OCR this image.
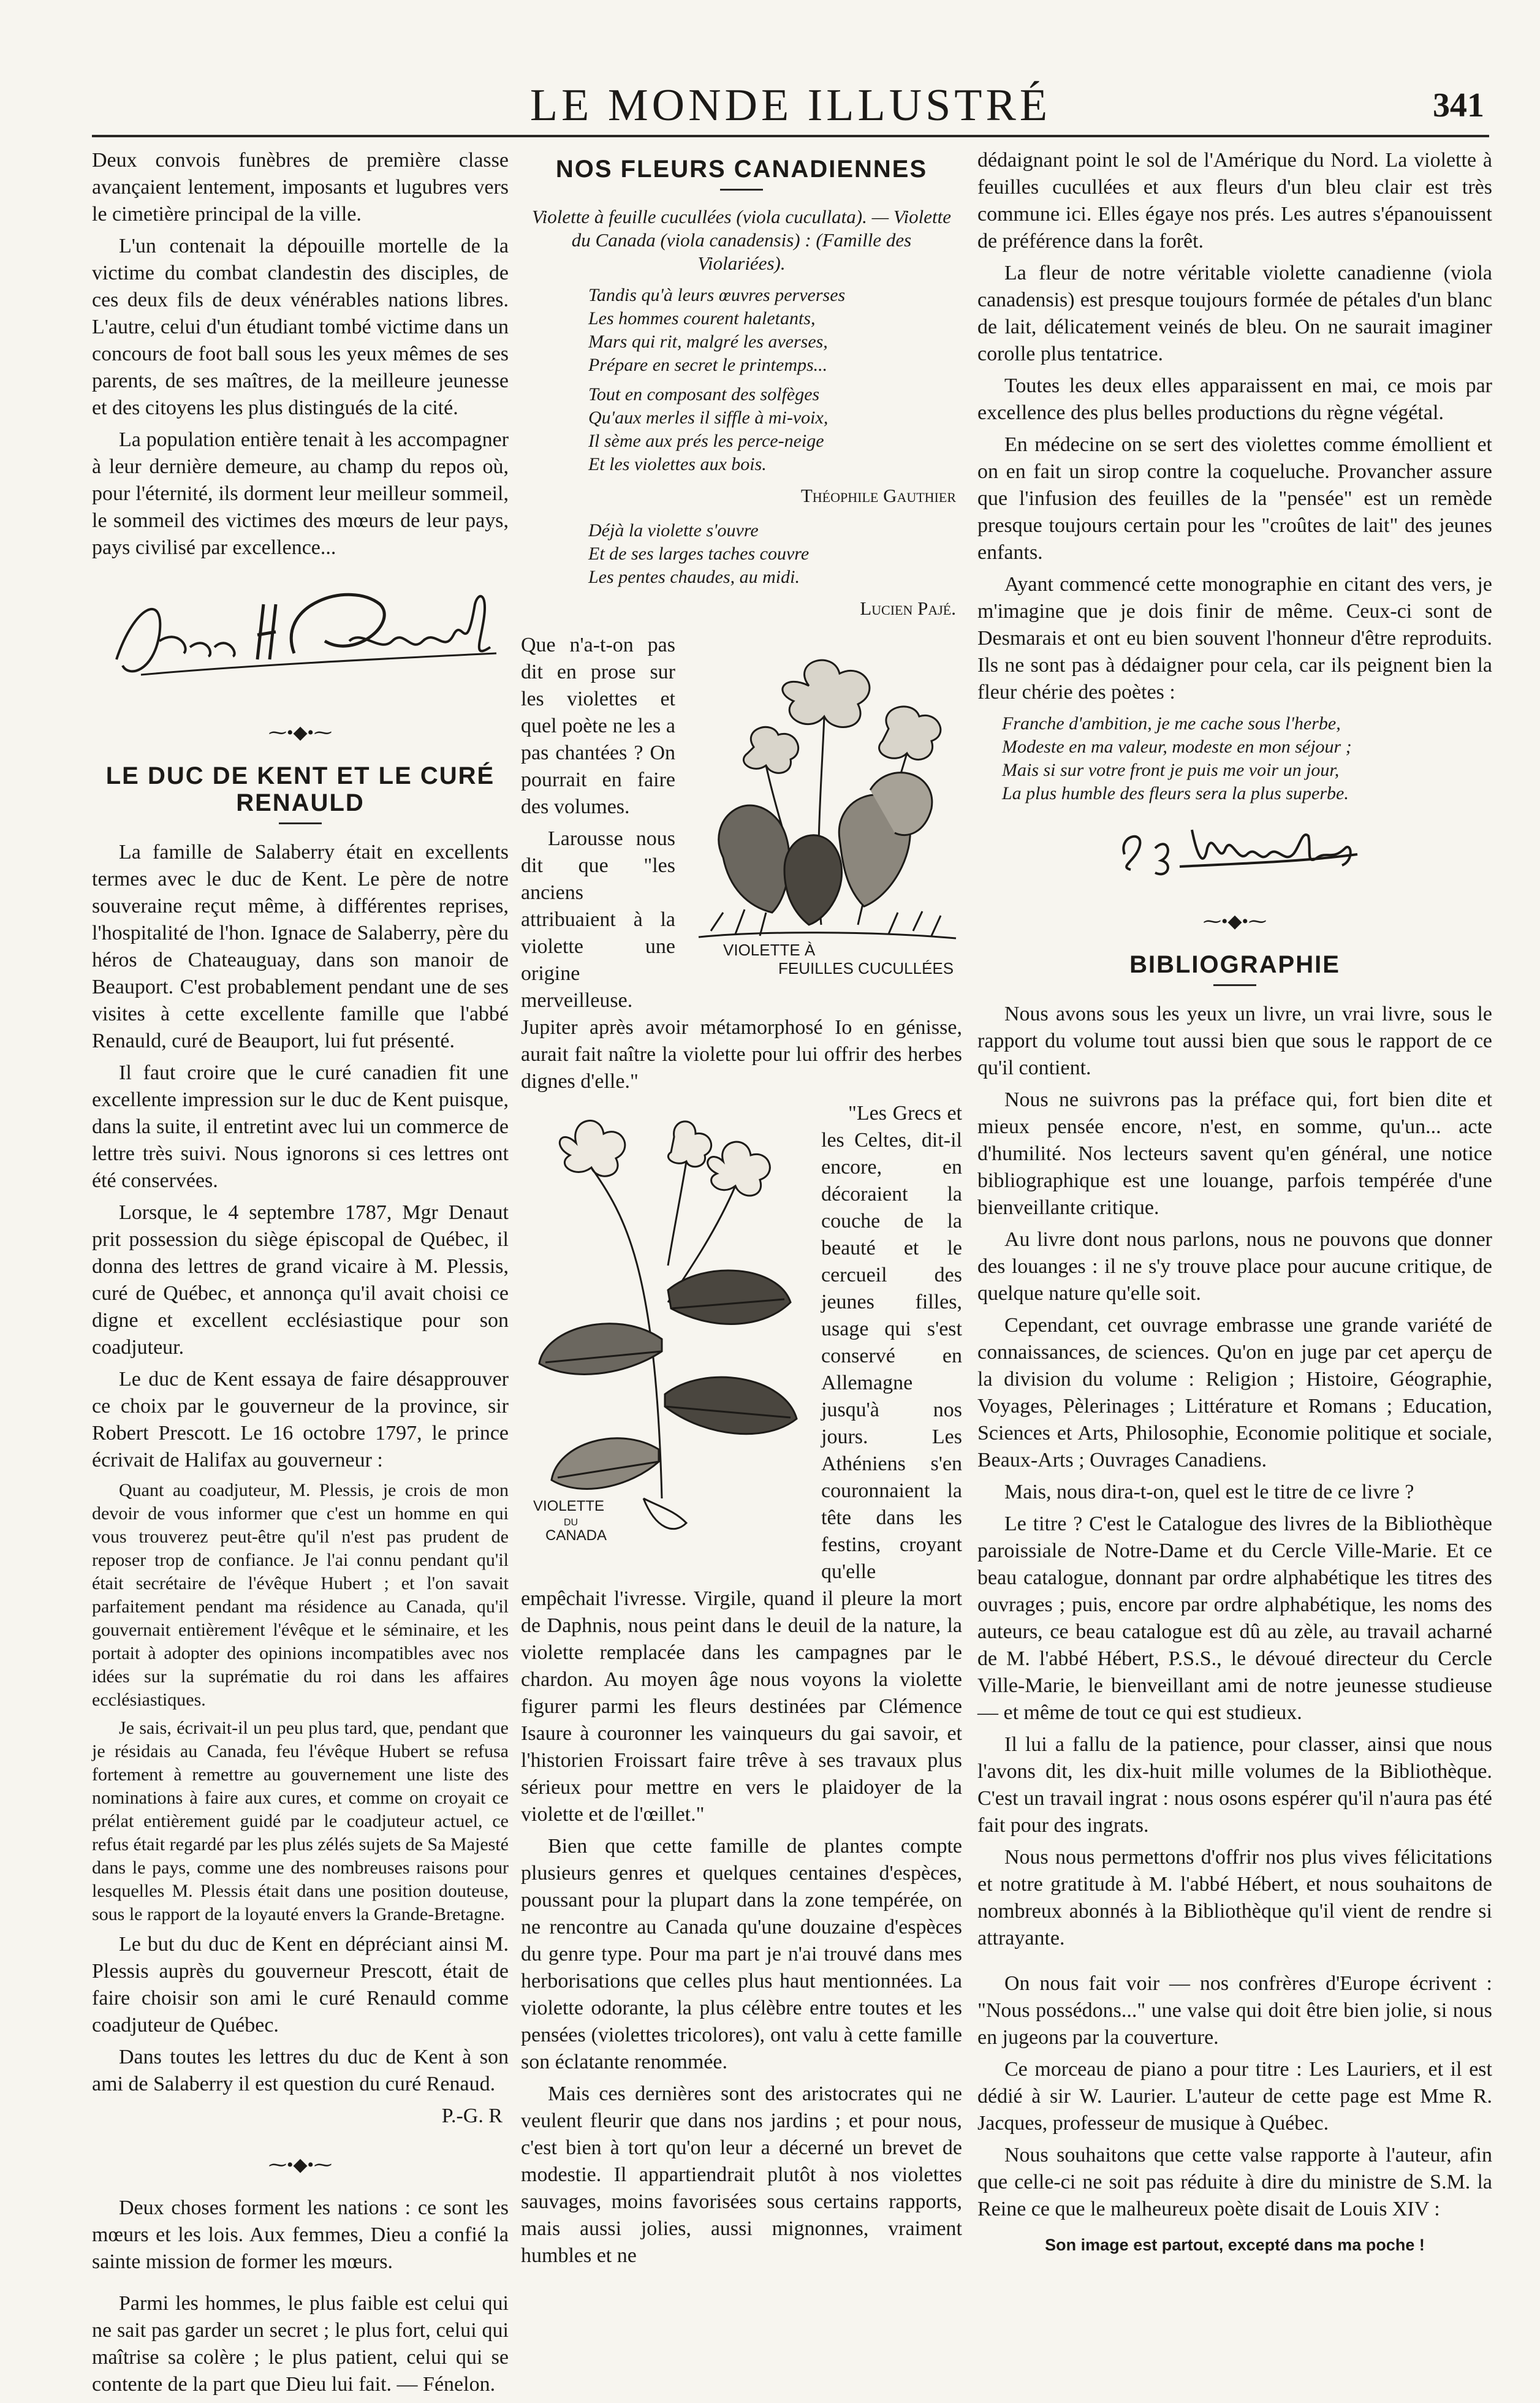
LE MONDE ILLUSTRÉ	341

Deux convois funèbres de première classe avançaient lentement, imposants et lugubres vers le cimetière principal de la ville.

L'un contenait la dépouille mortelle de la victime du combat clandestin des disciples, de ces deux fils de deux vénérables nations libres. L'autre, celui d'un étudiant tombé victime dans un concours de foot ball sous les yeux mêmes de ses parents, de ses maîtres, de la meilleure jeunesse et des citoyens les plus distingués de la cité.

La population entière tenait à les accompagner à leur dernière demeure, au champ du repos où, pour l'éternité, ils dorment leur meilleur sommeil, le sommeil des victimes des mœurs de leur pays, pays civilisé par excellence...

⁓•◆•⁓
LE DUC DE KENT ET LE CURÉ RENAULD

La famille de Salaberry était en excellents termes avec le duc de Kent. Le père de notre souveraine reçut même, à différentes reprises, l'hospitalité de l'hon. Ignace de Salaberry, père du héros de Chateauguay, dans son manoir de Beauport. C'est probablement pendant une de ses visites à cette excellente famille que l'abbé Renauld, curé de Beauport, lui fut présenté.

Il faut croire que le curé canadien fit une excellente impression sur le duc de Kent puisque, dans la suite, il entretint avec lui un commerce de lettre très suivi. Nous ignorons si ces lettres ont été conservées.

Lorsque, le 4 septembre 1787, Mgr Denaut prit possession du siège épiscopal de Québec, il donna des lettres de grand vicaire à M. Plessis, curé de Québec, et annonça qu'il avait choisi ce digne et excellent ecclésiastique pour son coadjuteur.

Le duc de Kent essaya de faire désapprouver ce choix par le gouverneur de la province, sir Robert Prescott. Le 16 octobre 1797, le prince écrivait de Halifax au gouverneur :

Quant au coadjuteur, M. Plessis, je crois de mon devoir de vous informer que c'est un homme en qui vous trouverez peut-être qu'il n'est pas prudent de reposer trop de confiance. Je l'ai connu pendant qu'il était secrétaire de l'évêque Hubert ; et l'on savait parfaitement pendant ma résidence au Canada, qu'il gouvernait entièrement l'évêque et le séminaire, et les portait à adopter des opinions incompatibles avec nos idées sur la suprématie du roi dans les affaires ecclésiastiques.

Je sais, écrivait-il un peu plus tard, que, pendant que je résidais au Canada, feu l'évêque Hubert se refusa fortement à remettre au gouvernement une liste des nominations à faire aux cures, et comme on croyait ce prélat entièrement guidé par le coadjuteur actuel, ce refus était regardé par les plus zélés sujets de Sa Majesté dans le pays, comme une des nombreuses raisons pour lesquelles M. Plessis était dans une position douteuse, sous le rapport de la loyauté envers la Grande-Bretagne.

Le but du duc de Kent en dépréciant ainsi M. Plessis auprès du gouverneur Prescott, était de faire choisir son ami le curé Renauld comme coadjuteur de Québec.

Dans toutes les lettres du duc de Kent à son ami de Salaberry il est question du curé Renaud.

P.-G. R

⁓•◆•⁓

Deux choses forment les nations : ce sont les mœurs et les lois. Aux femmes, Dieu a confié la sainte mission de former les mœurs.

Parmi les hommes, le plus faible est celui qui ne sait pas garder un secret ; le plus fort, celui qui maîtrise sa colère ; le plus patient, celui qui se contente de la part que Dieu lui fait. — Fénelon.

NOS FLEURS CANADIENNES
Violette à feuille cucullées (viola cucullata). — Violette du Canada (viola canadensis) : (Famille des Violariées).
Tandis qu'à leurs œuvres perverses
Les hommes courent haletants,
Mars qui rit, malgré les averses,
Prépare en secret le printemps...
Tout en composant des solfèges
Qu'aux merles il siffle à mi-voix,
Il sème aux prés les perce-neige
Et les violettes aux bois.
Théophile Gauthier
Déjà la violette s'ouvre
Et de ses larges taches couvre
Les pentes chaudes, au midi.
Lucien Pajé.
VIOLETTE À
FEUILLES CUCULLÉES

Que n'a-t-on pas dit en prose sur les violettes et quel poète ne les a pas chantées ? On pourrait en faire des volumes.

Larousse nous dit que "les anciens attribuaient à la violette une origine merveilleuse. Jupiter après avoir métamorphosé Io en génisse, aurait fait naître la violette pour lui offrir des herbes dignes d'elle."

VIOLETTE
DU
CANADA

"Les Grecs et les Celtes, dit-il encore, en décoraient la couche de la beauté et le cercueil des jeunes filles, usage qui s'est conservé en Allemagne jusqu'à nos jours. Les Athéniens s'en couronnaient la tête dans les festins, croyant qu'elle empêchait l'ivresse. Virgile, quand il pleure la mort de Daphnis, nous peint dans le deuil de la nature, la violette remplacée dans les campagnes par le chardon. Au moyen âge nous voyons la violette figurer parmi les fleurs destinées par Clémence Isaure à couronner les vainqueurs du gai savoir, et l'historien Froissart faire trêve à ses travaux plus sérieux pour mettre en vers le plaidoyer de la violette et de l'œillet."

Bien que cette famille de plantes compte plusieurs genres et quelques centaines d'espèces, poussant pour la plupart dans la zone tempérée, on ne rencontre au Canada qu'une douzaine d'espèces du genre type. Pour ma part je n'ai trouvé dans mes herborisations que celles plus haut mentionnées. La violette odorante, la plus célèbre entre toutes et les pensées (violettes tricolores), ont valu à cette famille son éclatante renommée.

Mais ces dernières sont des aristocrates qui ne veulent fleurir que dans nos jardins ; et pour nous, c'est bien à tort qu'on leur a décerné un brevet de modestie. Il appartiendrait plutôt à nos violettes sauvages, moins favorisées sous certains rapports, mais aussi jolies, aussi mignonnes, vraiment humbles et ne

dédaignant point le sol de l'Amérique du Nord. La violette à feuilles cucullées et aux fleurs d'un bleu clair est très commune ici. Elles égaye nos prés. Les autres s'épanouissent de préférence dans la forêt.

La fleur de notre véritable violette canadienne (viola canadensis) est presque toujours formée de pétales d'un blanc de lait, délicatement veinés de bleu. On ne saurait imaginer corolle plus tentatrice.

Toutes les deux elles apparaissent en mai, ce mois par excellence des plus belles productions du règne végétal.

En médecine on se sert des violettes comme émollient et on en fait un sirop contre la coqueluche. Provancher assure que l'infusion des feuilles de la "pensée" est un remède presque toujours certain pour les "croûtes de lait" des jeunes enfants.

Ayant commencé cette monographie en citant des vers, je m'imagine que je dois finir de même. Ceux-ci sont de Desmarais et ont eu bien souvent l'honneur d'être reproduits. Ils ne sont pas à dédaigner pour cela, car ils peignent bien la fleur chérie des poètes :

Franche d'ambition, je me cache sous l'herbe,
Modeste en ma valeur, modeste en mon séjour ;
Mais si sur votre front je puis me voir un jour,
La plus humble des fleurs sera la plus superbe.
⁓•◆•⁓
BIBLIOGRAPHIE

Nous avons sous les yeux un livre, un vrai livre, sous le rapport du volume tout aussi bien que sous le rapport de ce qu'il contient.

Nous ne suivrons pas la préface qui, fort bien dite et mieux pensée encore, n'est, en somme, qu'un... acte d'humilité. Nos lecteurs savent qu'en général, une notice bibliographique est une louange, parfois tempérée d'une bienveillante critique.

Au livre dont nous parlons, nous ne pouvons que donner des louanges : il ne s'y trouve place pour aucune critique, de quelque nature qu'elle soit.

Cependant, cet ouvrage embrasse une grande variété de connaissances, de sciences. Qu'on en juge par cet aperçu de la division du volume : Religion ; Histoire, Géographie, Voyages, Pèlerinages ; Littérature et Romans ; Education, Sciences et Arts, Philosophie, Economie politique et sociale, Beaux-Arts ; Ouvrages Canadiens.

Mais, nous dira-t-on, quel est le titre de ce livre ?

Le titre ? C'est le Catalogue des livres de la Bibliothèque paroissiale de Notre-Dame et du Cercle Ville-Marie. Et ce beau catalogue, donnant par ordre alphabétique les titres des ouvrages ; puis, encore par ordre alphabétique, les noms des auteurs, ce beau catalogue est dû au zèle, au travail acharné de M. l'abbé Hébert, P.S.S., le dévoué directeur du Cercle Ville-Marie, le bienveillant ami de notre jeunesse studieuse — et même de tout ce qui est studieux.

Il lui a fallu de la patience, pour classer, ainsi que nous l'avons dit, les dix-huit mille volumes de la Bibliothèque. C'est un travail ingrat : nous osons espérer qu'il n'aura pas été fait pour des ingrats.

Nous nous permettons d'offrir nos plus vives félicitations et notre gratitude à M. l'abbé Hébert, et nous souhaitons de nombreux abonnés à la Bibliothèque qu'il vient de rendre si attrayante.

On nous fait voir — nos confrères d'Europe écrivent : "Nous possédons..." une valse qui doit être bien jolie, si nous en jugeons par la couverture.

Ce morceau de piano a pour titre : Les Lauriers, et il est dédié à sir W. Laurier. L'auteur de cette page est Mme R. Jacques, professeur de musique à Québec.

Nous souhaitons que cette valse rapporte à l'auteur, afin que celle-ci ne soit pas réduite à dire du ministre de S.M. la Reine ce que le malheureux poète disait de Louis XIV :

Son image est partout, excepté dans ma poche !
